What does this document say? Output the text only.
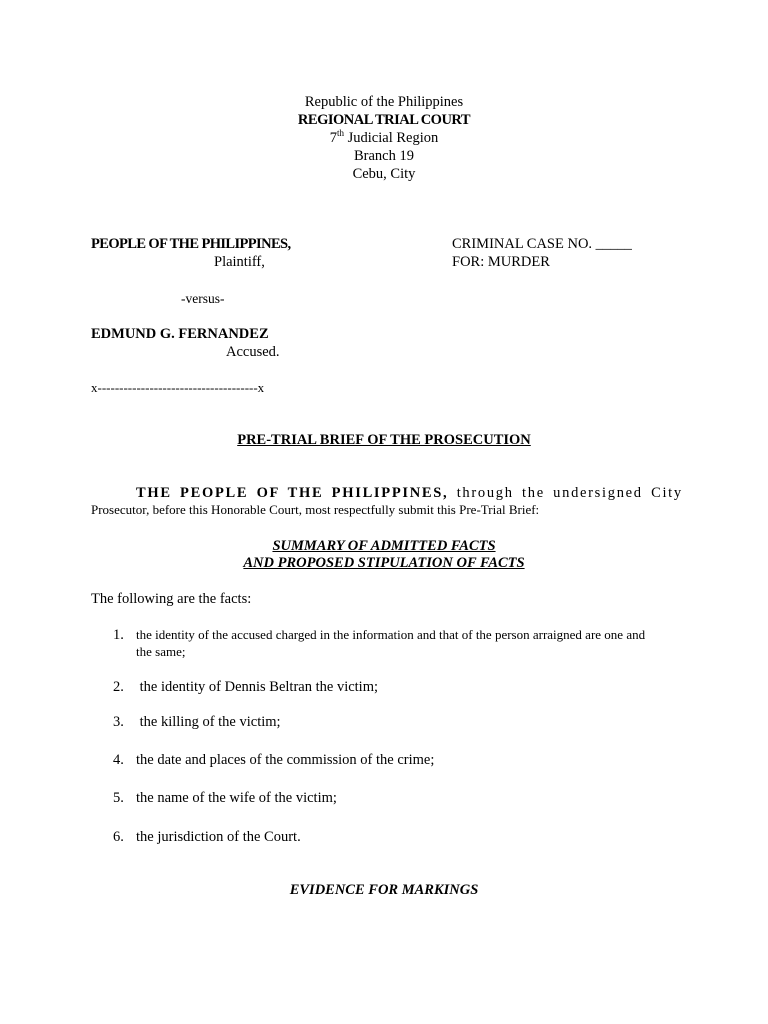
Republic of the Philippines
REGIONAL TRIAL COURT
7th Judicial Region
Branch 19
Cebu, City
PEOPLE OF THE PHILIPPINES,
Plaintiff,
CRIMINAL CASE NO. _____
FOR: MURDER
-versus-
EDMUND G. FERNANDEZ
Accused.
x-------------------------------------x
PRE-TRIAL BRIEF OF THE PROSECUTION
THE PEOPLE OF THE PHILIPPINES, through the undersigned City
Prosecutor, before this Honorable Court, most respectfully submit this Pre-Trial Brief:
SUMMARY OF ADMITTED FACTS
AND PROPOSED STIPULATION OF FACTS
The following are the facts:
1. the identity of the accused charged in the information and that of the person arraigned are one and
the same;
2. the identity of Dennis Beltran the victim;
3. the killing of the victim;
4. the date and places of the commission of the crime;
5. the name of the wife of the victim;
6. the jurisdiction of the Court.
EVIDENCE FOR MARKINGS
